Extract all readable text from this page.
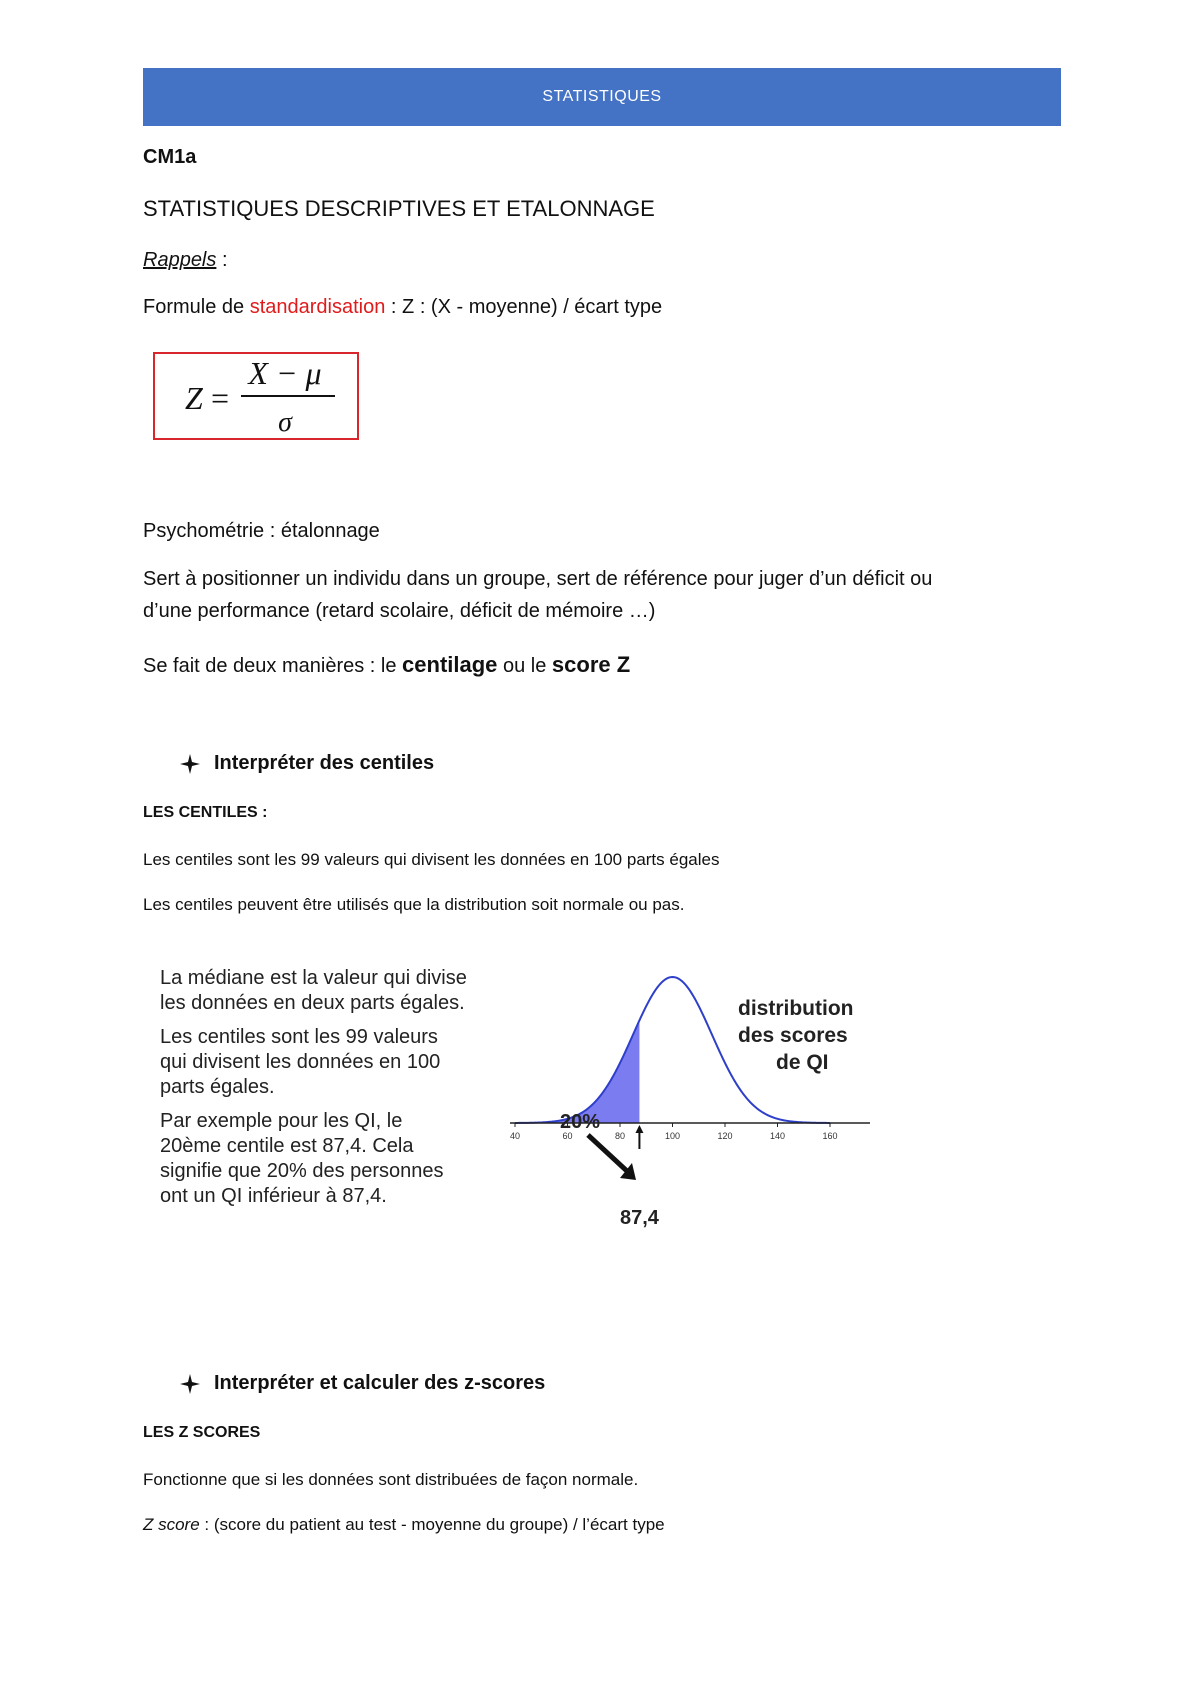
STATISTIQUES
CM1a
STATISTIQUES DESCRIPTIVES ET ETALONNAGE
Rappels :
Formule de standardisation : Z : (X - moyenne) / écart type
Z =
X − μ
σ
Psychométrie : étalonnage
Sert à positionner un individu dans un groupe, sert de référence pour juger d’un déficit ou
d’une performance (retard scolaire, déficit de mémoire …)
Se fait de deux manières : le centilage ou le score Z
Interpréter des centiles
LES CENTILES :
Les centiles sont les 99 valeurs qui divisent les données en 100 parts égales
Les centiles peuvent être utilisés que la distribution soit normale ou pas.

La médiane est la valeur qui divise
les données en deux parts égales.

Les centiles sont les 99 valeurs
qui divisent les données en 100
parts égales.

Par exemple pour les QI, le
20ème centile est 87,4. Cela
signifie que 20% des personnes
ont un QI inférieur à 87,4.

40	60	80	100	120	140	160
distribution
des scores
de QI
20%
87,4
Interpréter et calculer des z-scores
LES Z SCORES
Fonctionne que si les données sont distribuées de façon normale.
Z score : (score du patient au test - moyenne du groupe) / l’écart type
